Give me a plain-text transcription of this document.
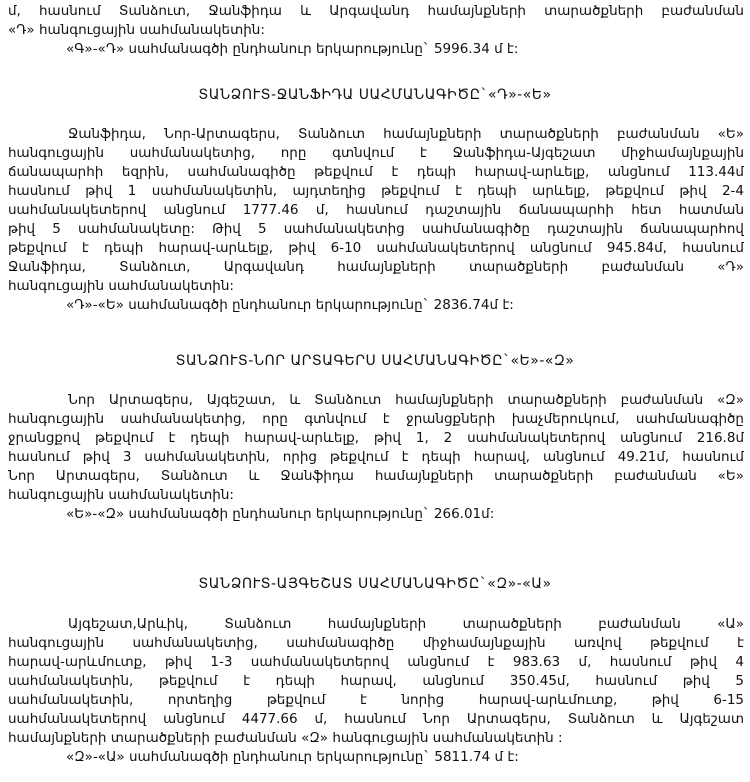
մ, հասնում Տանձուտ, Ջանֆիդա և Արգավանդ համայնքների տարածքների բաժանման
«Դ» հանգուցային սահմանակետին:
«Գ»-«Դ» սահմանագծի ընդհանուր երկարությունը` 5996.34 մ է:
ՏԱՆՁՈՒՏ-ՋԱՆՖԻԴԱ ՍԱՀՄԱՆԱԳԻԾԸ`«Դ»-«Ե»
Ջանֆիդա, Նոր-Արտագերս, Տանձուտ համայնքների տարածքների բաժանման «Ե»
հանգուցային սահմանակետից, որը գտնվում է Ջանֆիդա-Այգեշատ միջհամայնքային
ճանապարհի եզրին, սահմանագիծը թեքվում է դեպի հարավ-արևելք, անցնում 113.44մ
հասնում թիվ 1 սահմանակետին, այդտեղից թեքվում է դեպի արևելք, թեքվում թիվ 2-4
սահմանակետերով անցնում 1777.46 մ, հասնում դաշտային ճանապարհի հետ հատման
թիվ 5 սահմանակետը: Թիվ 5 սահմանակետից սահմանագիծը դաշտային ճանապարհով
թեքվում է դեպի հարավ-արևելք, թիվ 6-10 սահմանակետերով անցնում 945.84մ, հասնում
Ջանֆիդա, Տանձուտ, Արգավանդ համայնքների տարածքների բաժանման «Դ»
հանգուցային սահմանակետին:
«Դ»-«Ե» սահմանագծի ընդհանուր երկարությունը` 2836.74մ է:
ՏԱՆՁՈՒՏ-ՆՈՐ ԱՐՏԱԳԵՐՍ ՍԱՀՄԱՆԱԳԻԾԸ`«Ե»-«Զ»
Նոր Արտագերս, Այգեշատ, և Տանձուտ համայնքների տարածքների բաժանման «Զ»
հանգուցային սահմանակետից, որը գտնվում է ջրանցքների խաչմերուկում, սահմանագիծը
ջրանցքով թեքվում է դեպի հարավ-արևելք, թիվ 1, 2 սահմանակետերով անցնում 216.8մ
հասնում թիվ 3 սահմանակետին, որից թեքվում է դեպի հարավ, անցնում 49.21մ, հասնում
Նոր Արտագերս, Տանձուտ և Ջանֆիդա համայնքների տարածքների բաժանման «Ե»
հանգուցային սահմանակետին:
«Ե»-«Զ» սահմանագծի ընդհանուր երկարությունը` 266.01մ:
ՏԱՆՁՈՒՏ-ԱՅԳԵՇԱՏ ՍԱՀՄԱՆԱԳԻԾԸ`«Զ»-«Ա»
Այգեշատ,Արևիկ, Տանձուտ համայնքների տարածքների բաժանման «Ա»
հանգուցային սահմանակետից, սահմանագիծը միջհամայնքային առվով թեքվում է
հարավ-արևմուտք, թիվ 1-3 սահմանակետերով անցնում է 983.63 մ, հասնում թիվ 4
սահմանակետին, թեքվում է դեպի հարավ, անցնում 350.45մ, հասնում թիվ 5
սահմանակետին, որտեղից թեքվում է նորից հարավ-արևմուտք, թիվ 6-15
սահմանակետերով անցնում 4477.66 մ, հասնում Նոր Արտագերս, Տանձուտ և Այգեշատ
համայնքների տարածքների բաժանման «Զ» հանգուցային սահմանակետին :
«Զ»-«Ա» սահմանագծի ընդհանուր երկարությունը` 5811.74 մ է:
